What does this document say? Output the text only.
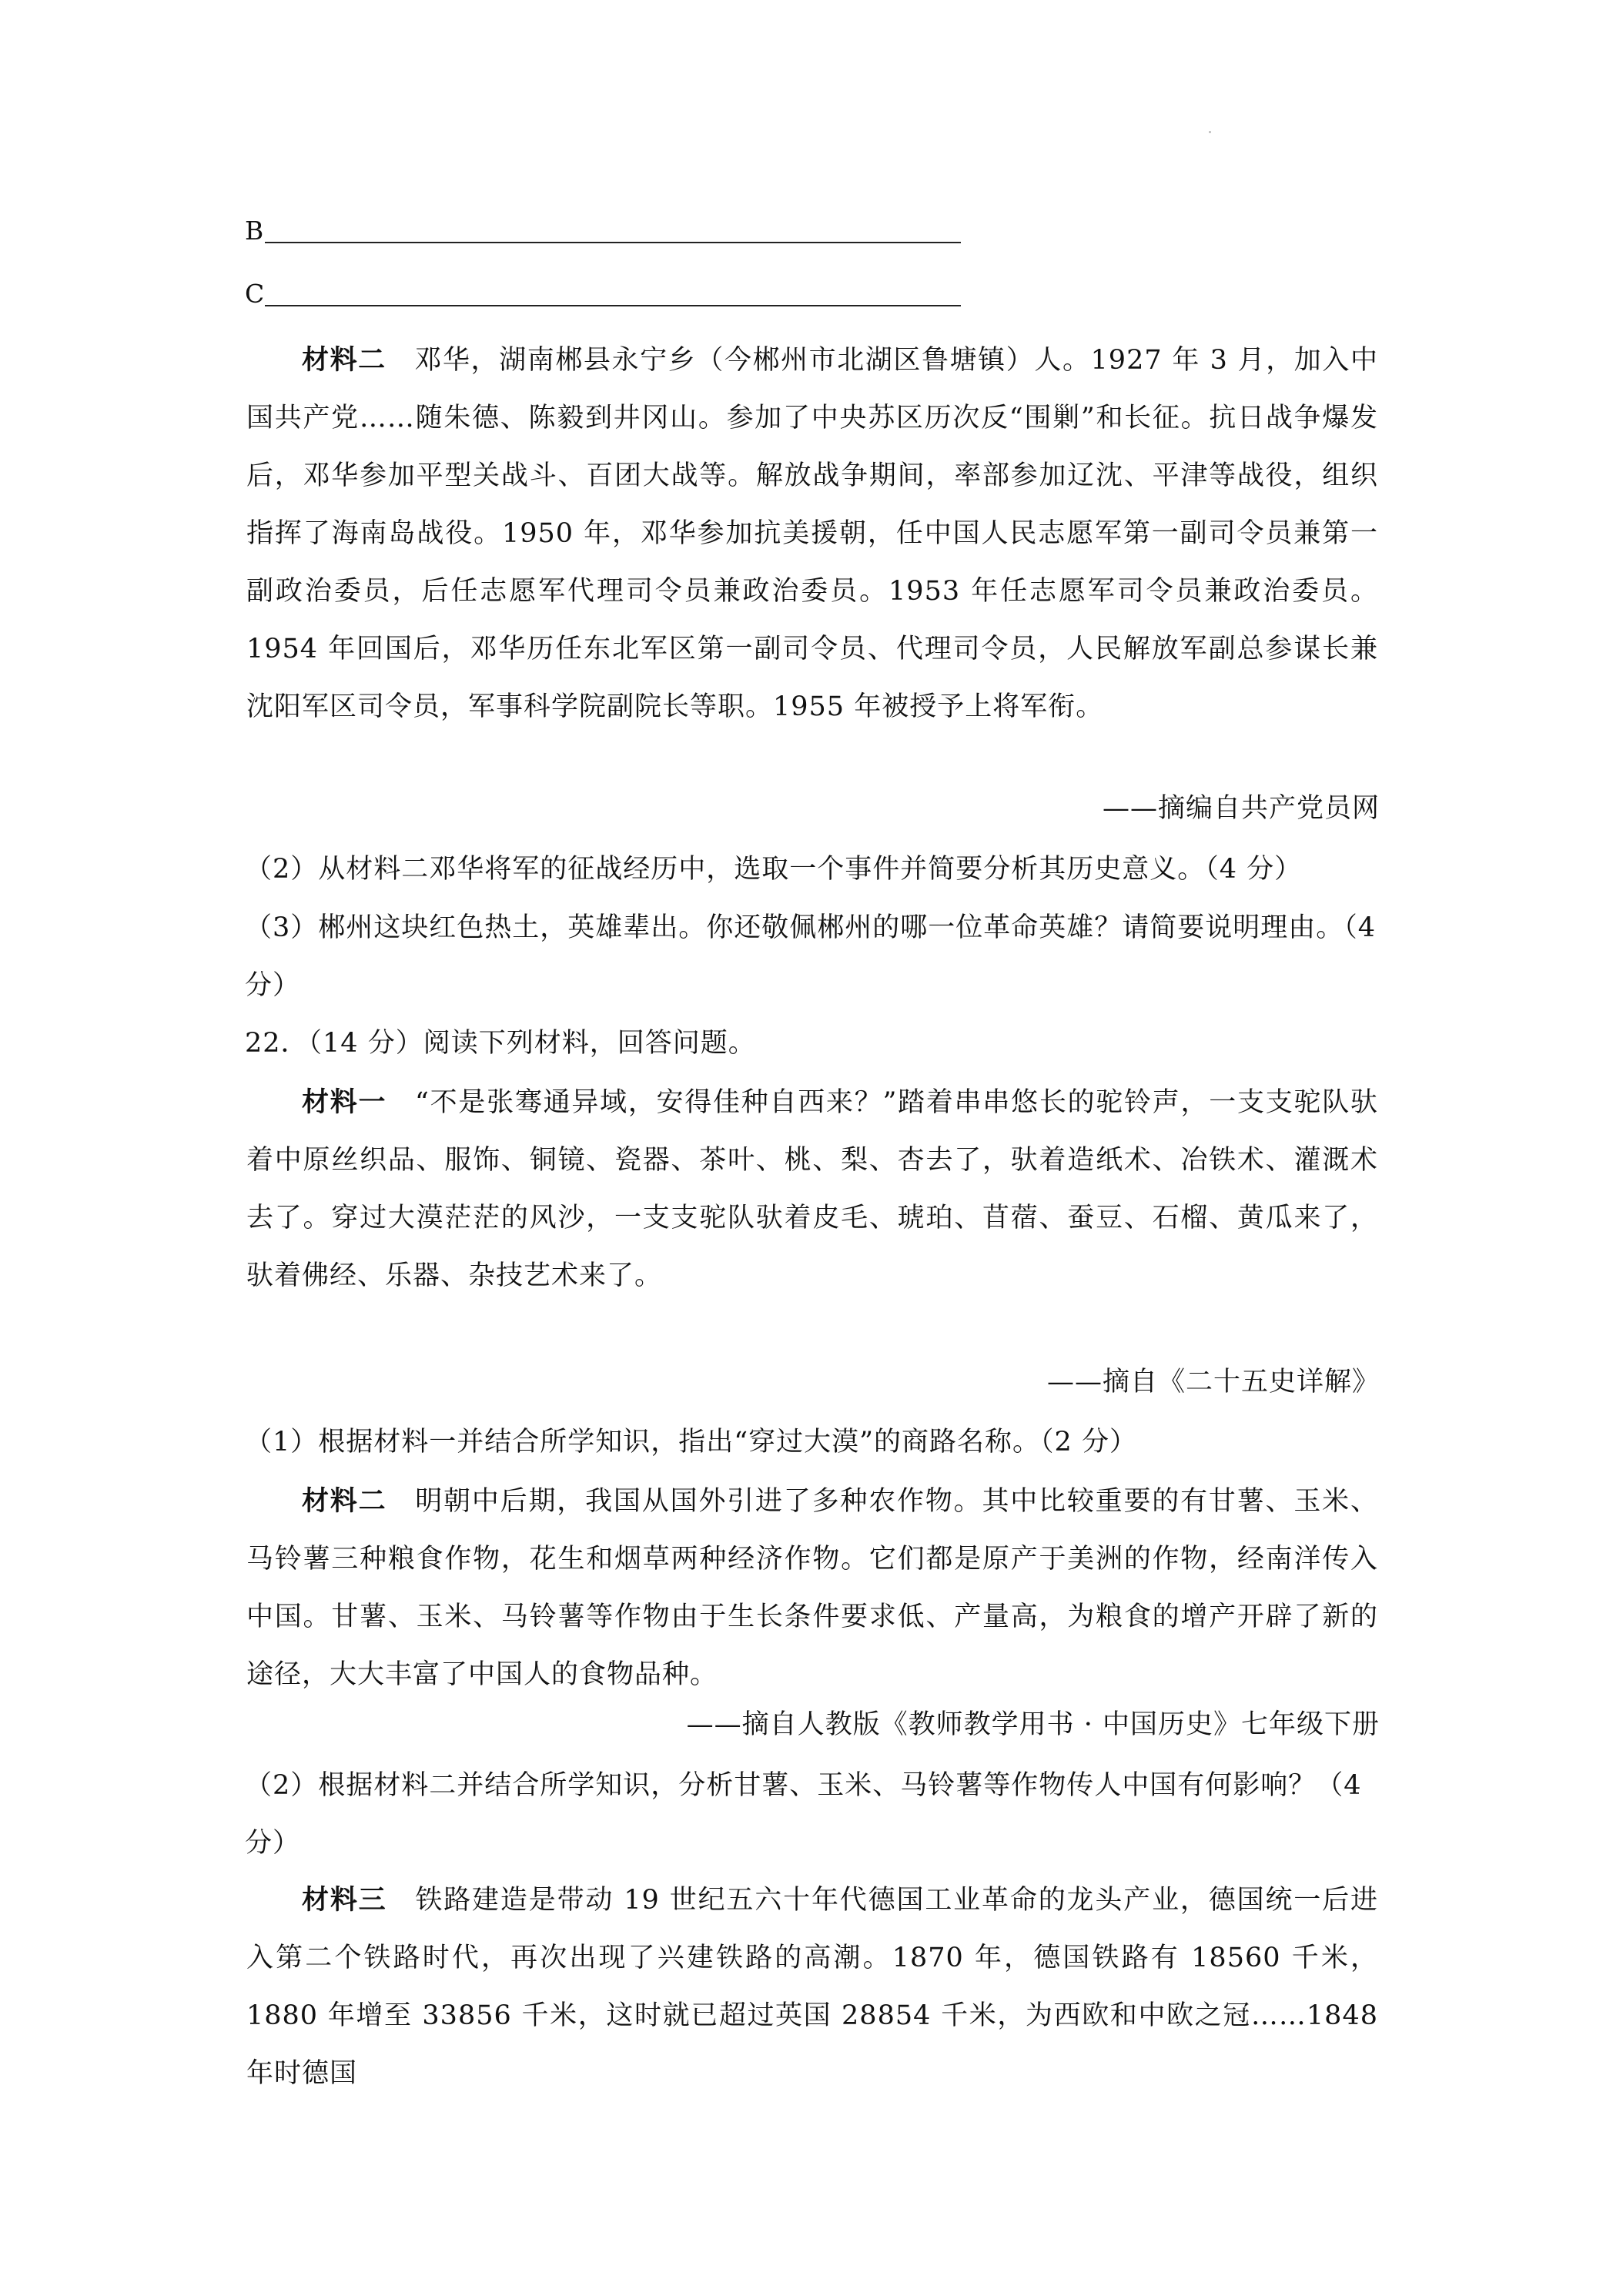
B
C
材料二　 邓华，湖南郴县永宁乡（今郴州市北湖区鲁塘镇）人。1927 年 3 月，加入中国共产党……随朱德、陈毅到井冈山。参加了中央苏区历次反“围剿”和长征。抗日战争爆发后，邓华参加平型关战斗、百团大战等。解放战争期间，率部参加辽沈、平津等战役，组织指挥了海南岛战役。1950 年，邓华参加抗美援朝，任中国人民志愿军第一副司令员兼第一副政治委员，后任志愿军代理司令员兼政治委员。1953 年任志愿军司令员兼政治委员。1954 年回国后，邓华历任东北军区第一副司令员、代理司令员，人民解放军副总参谋长兼沈阳军区司令员，军事科学院副院长等职。1955 年被授予上将军衔。
——摘编自共产党员网
（2）从材料二邓华将军的征战经历中，选取一个事件并简要分析其历史意义。（4 分）
（3）郴州这块红色热土，英雄辈出。你还敬佩郴州的哪一位革命英雄？请简要说明理由。（4 分）
22．（14 分）阅读下列材料，回答问题。
材料一　 “不是张骞通异域，安得佳种自西来？”踏着串串悠长的驼铃声，一支支驼队驮着中原丝织品、服饰、铜镜、瓷器、茶叶、桃、梨、杏去了，驮着造纸术、冶铁术、灌溉术去了。穿过大漠茫茫的风沙，一支支驼队驮着皮毛、琥珀、苜蓿、蚕豆、石榴、黄瓜来了，驮着佛经、乐器、杂技艺术来了。
——摘自《二十五史详解》
（1）根据材料一并结合所学知识，指出“穿过大漠”的商路名称。（2 分）
材料二　 明朝中后期，我国从国外引进了多种农作物。其中比较重要的有甘薯、玉米、马铃薯三种粮食作物，花生和烟草两种经济作物。它们都是原产于美洲的作物，经南洋传入中国。甘薯、玉米、马铃薯等作物由于生长条件要求低、产量高，为粮食的增产开辟了新的途径，大大丰富了中国人的食物品种。
——摘自人教版《教师教学用书 · 中国历史》七年级下册
（2）根据材料二并结合所学知识，分析甘薯、玉米、马铃薯等作物传人中国有何影响？（4 分）
材料三　 铁路建造是带动 19 世纪五六十年代德国工业革命的龙头产业，德国统一后进入第二个铁路时代，再次出现了兴建铁路的高潮。1870 年，德国铁路有 18560 千米，1880 年增至 33856 千米，这时就已超过英国 28854 千米，为西欧和中欧之冠……1848 年时德国
